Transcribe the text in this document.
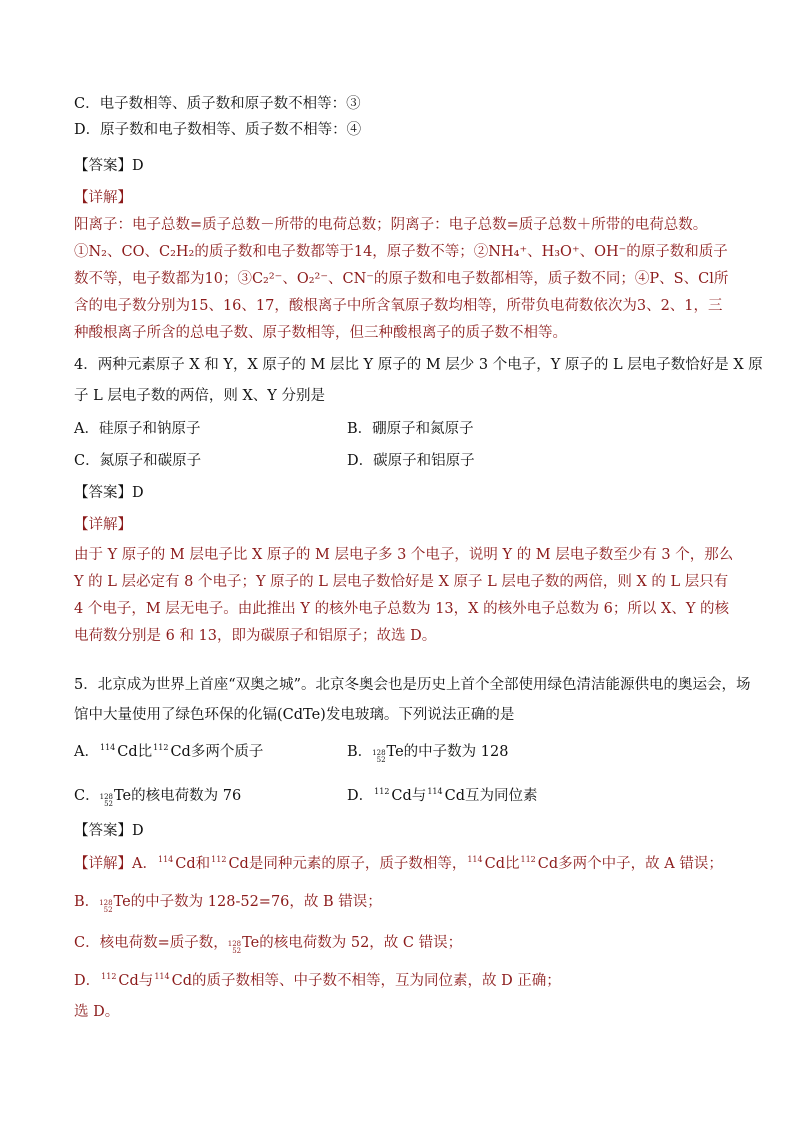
C．电子数相等、质子数和原子数不相等：③
D．原子数和电子数相等、质子数不相等：④
【答案】D
【详解】
阳离子：电子总数=质子总数－所带的电荷总数；阴离子：电子总数=质子总数＋所带的电荷总数。①N₂、CO、C₂H₂的质子数和电子数都等于14，原子数不等；②NH₄⁺、H₃O⁺、OH⁻的原子数和质子数不等，电子数都为10；③C₂²⁻、O₂²⁻、CN⁻的原子数和电子数都相等，质子数不同；④P、S、Cl所含的电子数分别为15、16、17，酸根离子中所含氧原子数均相等，所带负电荷数依次为3、2、1，三种酸根离子所含的总电子数、原子数相等，但三种酸根离子的质子数不相等。
4．两种元素原子 X 和 Y，X 原子的 M 层比 Y 原子的 M 层少 3 个电子，Y 原子的 L 层电子数恰好是 X 原
子 L 层电子数的两倍，则 X、Y 分别是
A．硅原子和钠原子	B．硼原子和氮原子
C．氮原子和碳原子	D．碳原子和铝原子
【答案】D
【详解】
由于 Y 原子的 M 层电子比 X 原子的 M 层电子多 3 个电子，说明 Y 的 M 层电子数至少有 3 个，那么 Y 的 L 层必定有 8 个电子；Y 原子的 L 层电子数恰好是 X 原子 L 层电子数的两倍，则 X 的 L 层只有 4 个电子，M 层无电子。由此推出 Y 的核外电子总数为 13，X 的核外电子总数为 6；所以 X、Y 的核电荷数分别是 6 和 13，即为碳原子和铝原子；故选 D。
5．北京成为世界上首座“双奥之城”。北京冬奥会也是历史上首个全部使用绿色清洁能源供电的奥运会，场
馆中大量使用了绿色环保的化镉(CdTe)发电玻璃。下列说法正确的是
A．$^{114}$ Cd比$^{112}$ Cd多两个质子	B． 128
52 Te的中子数为 128
C． 128
52 Te的核电荷数为 76	D．$^{112}$ Cd与$^{114}$ Cd互为同位素
【答案】D
【详解】A．$^{114}$ Cd和$^{112}$ Cd是同种元素的原子，质子数相等，$^{114}$ Cd比$^{112}$ Cd多两个中子，故 A 错误；
B． 128
52 Te的中子数为 128-52=76，故 B 错误；
C．核电荷数=质子数， 128
52 Te的核电荷数为 52，故 C 错误；
D．$^{112}$ Cd与$^{114}$ Cd的质子数相等、中子数不相等，互为同位素，故 D 正确；
选 D。
